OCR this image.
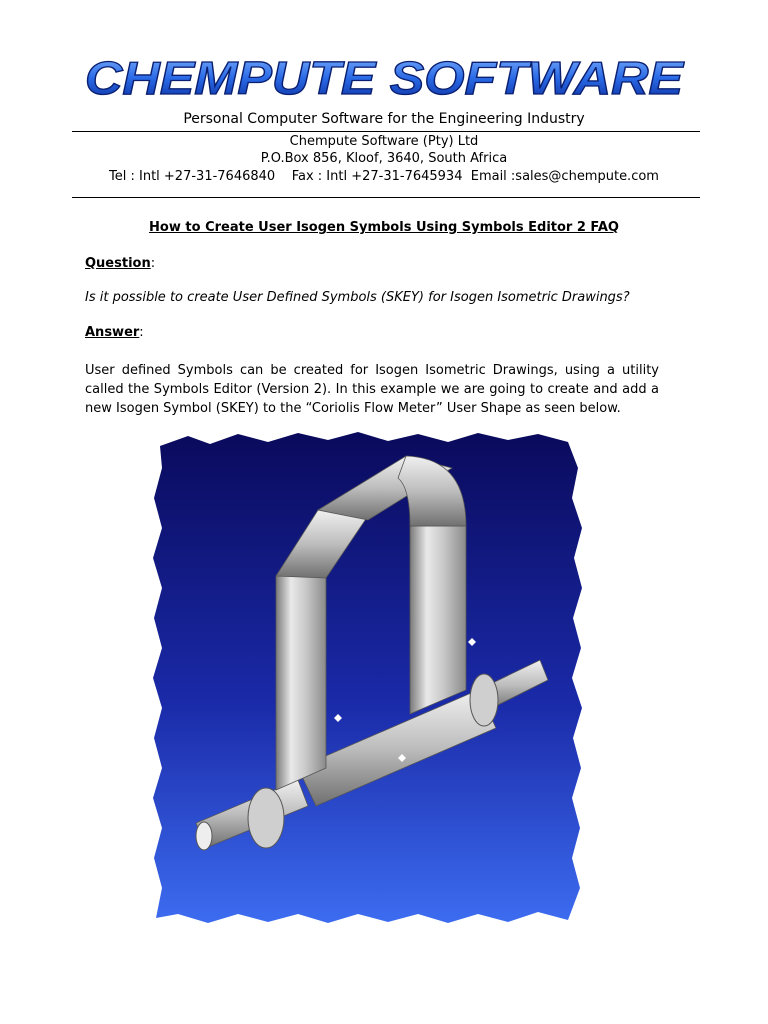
CHEMPUTE SOFTWARE
Personal Computer Software for the Engineering Industry
Chempute Software (Pty) Ltd
P.O.Box 856, Kloof, 3640, South Africa
Tel : Intl +27-31-7646840    Fax : Intl +27-31-7645934  Email :sales@chempute.com
How to Create User Isogen Symbols Using Symbols Editor 2 FAQ
Question:
Is it possible to create User Defined Symbols (SKEY) for Isogen Isometric Drawings?
Answer:
User defined Symbols can be created for Isogen Isometric Drawings, using a utility called the Symbols Editor (Version 2). In this example we are going to create and add a new Isogen Symbol (SKEY) to the “Coriolis Flow Meter” User Shape as seen below.
